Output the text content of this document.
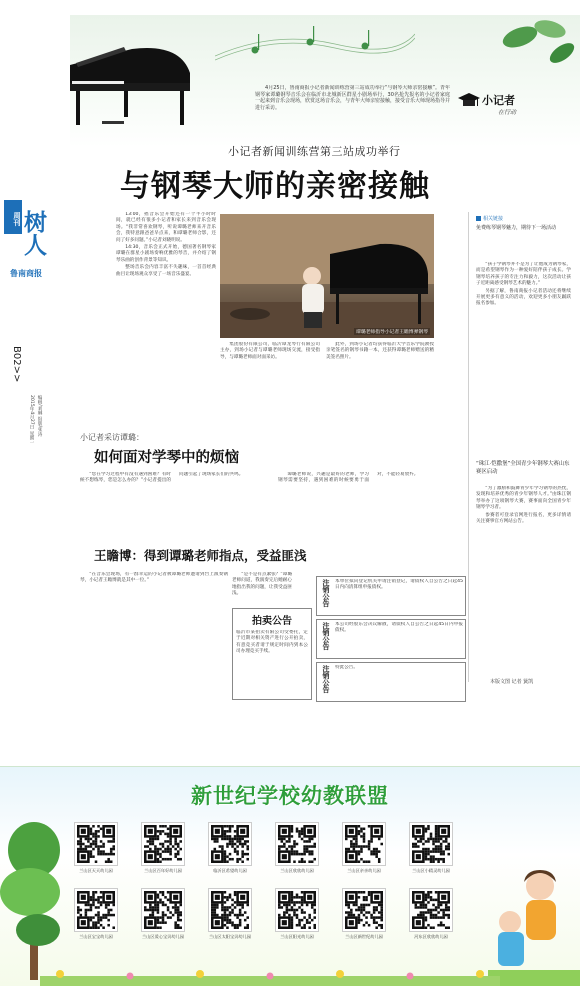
4月25日，鲁南商报小记者新闻训练营第三站成功举行“与钢琴大师亲密接触”。青年钢琴家谭璐钢琴音乐会在临沂市北城新区群星小剧场举行，30名抢先报名的小记者家庭一起来到音乐会现场，欣赏这场音乐会，与青年大师亲密接触，接受音乐大师现场指导并进行采访。
小记者
在行动
小记者新闻训练营第三站成功举行
与钢琴大师的亲密接触
周刊 树人
鲁南商报
B02>>
编辑/刘琳 组版/张涛
2015年4月27日 星期一

13:00，摇音乐会开始还有一个半小时时间，就已经有很多小记者和家长来到音乐会现场。“我非常喜欢钢琴，听说谭璐老师来开音乐会，我特意跟爸爸早点来，和谭璐老师合影，还问了好多问题。”小记者刘晓明说。

14:30，音乐会正式开始，德国著名钢琴家谭璐在群星小剧场奏响优雅的琴音，并介绍了钢琴乐曲的创作背景等知识。

整场音乐会内容丰富不失趣味，一首首经典曲目让现场观众享受了一场音乐盛宴。

谭璐老师指导小记者王瞻博弹钢琴

集团股份有限公司，临沂谭龙琴行有限公司主办，到场小记者与谭璐老师现场交流，接受指导，与谭璐老师面对面采访。

此外，到场小记者均获得临沂大学音乐学院教授亲笔签名的钢琴书籍一本，还获得谭璐老师赠送的精美签名照片。

相关链接
免费练琴钢琴魅力，期待下一场活动

“孩子学钢琴并不是为了让他成为钢琴家，而是希望钢琴作为一种爱好陪伴孩子成长。学钢琴培养孩子的专注力和毅力，这次活动让孩子近距离感受钢琴艺术的魅力。”

另据了解，鲁南商报小记者活动还将继续开展更多有意义的活动，欢迎更多小朋友踊跃报名参加。

“珠江·恺撒堡”全国青少年钢琴大赛山东赛区启动

“为了激励和鼓舞青少年学习钢琴的热忱，发现和培养优秀的青少年钢琴人才。”由珠江钢琴举办了这项钢琴大赛，赛事面向全国青少年钢琴学习者。

参赛者可登录官网进行报名，更多详情请关注赛事官方网站公告。

本版文图 记者 簧凯
小记者采访谭璐：
如何面对学琴中的烦恼

“您在学习过程中有没有遇到困难？有时候不想练琴，您是怎么办的？”小记者提出的问题引起了现场家长们的共鸣。	谭璐老师说，兴趣是最好的老师，学习钢琴需要坚持，遇到困难的时候要勇于面对，不能轻易放弃。

王瞻博：得到谭璐老师指点，受益匪浅

“在音乐会现场，有一群幸运的小记者被谭璐老师邀请到台上演奏钢琴，小记者王瞻博就是其中一位。”

“是不是有点紧张？”谭璐老师问道，我演奏完后她耐心地指出我的问题，让我受益匪浅。

拍卖公告
临沂市某拍卖有限公司受委托，定于近期对相关资产进行公开拍卖，有意竞买者请于规定时间内到本公司办理竞买手续。
注销公告 本单位拟向登记机关申请注销登记，请债权人自公告之日起45日内向清算组申报债权。
注销公告 本公司经股东会决议解散，请债权人自公告之日起45日内申报债权。
注销公告 特此公告。
新世纪学校幼教联盟
兰山区天天幼儿园	兰山区百年好幼儿园	临沂区希望幼儿园	兰山区欣欣幼儿园	兰山区亲亲幼儿园	兰山区小精灵幼儿园
兰山区宝宝幼儿园	兰山区爱心宝贝幼儿园	兰山区太阳宝贝幼儿园	兰山区阳光幼儿园	兰山区新世纪幼儿园	河东区欣欣幼儿园
